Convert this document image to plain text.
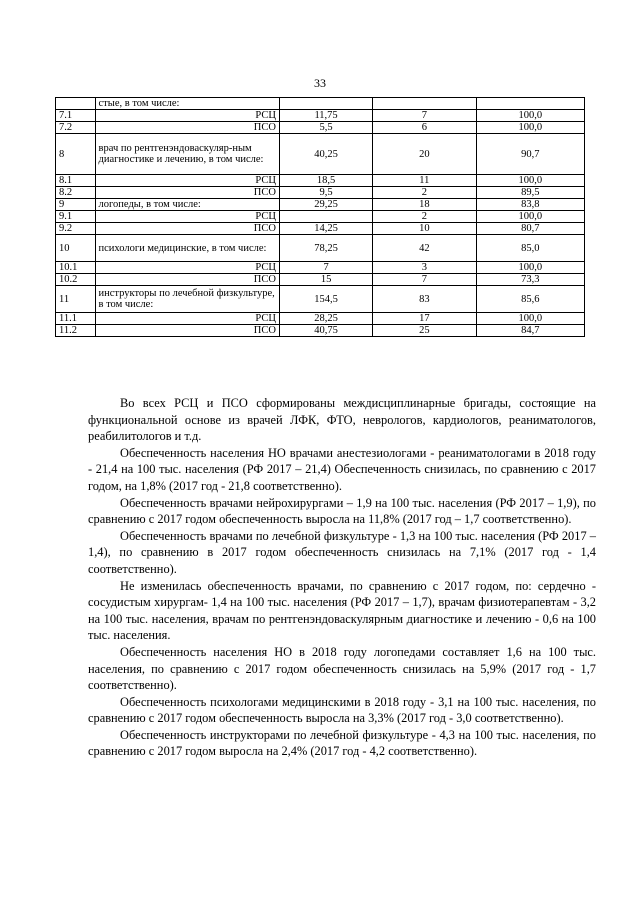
33
	стые, в том числе:			
7.1	РСЦ	11,75	7	100,0
7.2	ПСО	5,5	6	100,0
8	врач по рентгенэндоваскуляр-ным диагностике и лечению, в том числе:	40,25	20	90,7
8.1	РСЦ	18,5	11	100,0
8.2	ПСО	9,5	2	89,5
9	логопеды, в том числе:	29,25	18	83,8
9.1	РСЦ		2	100,0
9.2	ПСО	14,25	10	80,7
10	психологи медицинские, в том числе:	78,25	42	85,0
10.1	РСЦ	7	3	100,0
10.2	ПСО	15	7	73,3
11	инструкторы по лечебной физкультуре, в том числе:	154,5	83	85,6
11.1	РСЦ	28,25	17	100,0
11.2	ПСО	40,75	25	84,7

Во всех РСЦ и ПСО сформированы междисциплинарные бригады, состоящие на функциональной основе из врачей ЛФК, ФТО, неврологов, кардиологов, реаниматологов, реабилитологов и т.д.

Обеспеченность населения НО врачами анестезиологами - реаниматологами в 2018 году - 21,4 на 100 тыс. населения (РФ 2017 – 21,4) Обеспеченность снизилась, по сравнению с 2017 годом, на 1,8% (2017 год - 21,8 соответственно).

Обеспеченность врачами нейрохирургами – 1,9 на 100 тыс. населения (РФ 2017 – 1,9), по сравнению с 2017 годом обеспеченность выросла на 11,8% (2017 год – 1,7 соответственно).

Обеспеченность врачами по лечебной физкультуре - 1,3 на 100 тыс. населения (РФ 2017 – 1,4), по сравнению в 2017 годом обеспеченность снизилась на 7,1% (2017 год - 1,4 соответственно).

Не изменилась обеспеченность врачами, по сравнению с 2017 годом, по: сердечно - сосудистым хирургам- 1,4 на 100 тыс. населения (РФ 2017 – 1,7), врачам физиотерапевтам - 3,2 на 100 тыс. населения, врачам по рентгенэндоваскулярным диагностике и лечению - 0,6 на 100 тыс. населения.

Обеспеченность населения НО в 2018 году логопедами составляет 1,6 на 100 тыс. населения, по сравнению с 2017 годом обеспеченность снизилась на 5,9% (2017 год - 1,7 соответственно).

Обеспеченность психологами медицинскими в 2018 году - 3,1 на 100 тыс. населения, по сравнению с 2017 годом обеспеченность выросла на 3,3% (2017 год - 3,0 соответственно).

Обеспеченность инструкторами по лечебной физкультуре - 4,3 на 100 тыс. населения, по сравнению с 2017 годом выросла на 2,4% (2017 год - 4,2 соответственно).
